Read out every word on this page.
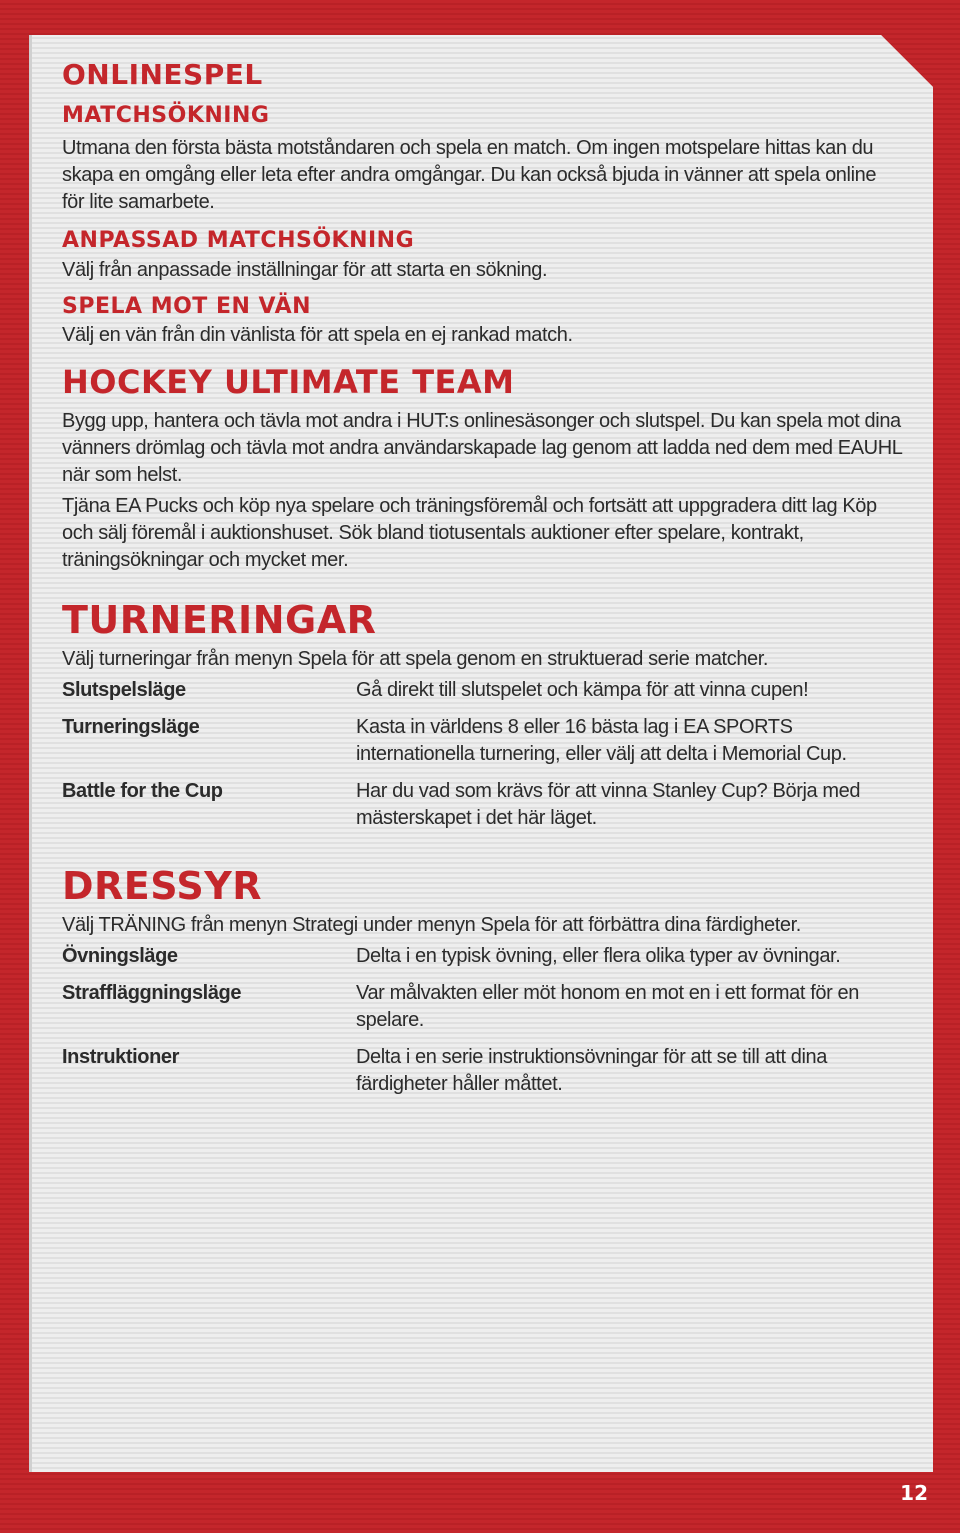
ONLINESPEL
MATCHSÖKNING

Utmana den första bästa motståndaren och spela en match. Om ingen motspelare hittas kan du skapa en omgång eller leta efter andra omgångar. Du kan också bjuda in vänner att spela online för lite samarbete.

ANPASSAD MATCHSÖKNING

Välj från anpassade inställningar för att starta en sökning.

SPELA MOT EN VÄN

Välj en vän från din vänlista för att spela en ej rankad match.

HOCKEY ULTIMATE TEAM

Bygg upp, hantera och tävla mot andra i HUT:s onlinesäsonger och slutspel. Du kan spela mot dina vänners drömlag och tävla mot andra användarskapade lag genom att ladda ned dem med EAUHL när som helst.

Tjäna EA Pucks och köp nya spelare och träningsföremål och fortsätt att uppgradera ditt lag Köp och sälj föremål i auktionshuset. Sök bland tiotusentals auktioner efter spelare, kontrakt, träningsökningar och mycket mer.

TURNERINGAR

Välj turneringar från menyn Spela för att spela genom en struktuerad serie matcher.

Slutspelsläge	Gå direkt till slutspelet och kämpa för att vinna cupen!
Turneringsläge	Kasta in världens 8 eller 16 bästa lag i EA SPORTS internationella turnering, eller välj att delta i Memorial Cup.
Battle for the Cup	Har du vad som krävs för att vinna Stanley Cup? Börja med mästerskapet i det här läget.
DRESSYR

Välj TRÄNING från menyn Strategi under menyn Spela för att förbättra dina färdigheter.

Övningsläge	Delta i en typisk övning, eller flera olika typer av övningar.
Straffläggningsläge	Var målvakten eller möt honom en mot en i ett format för en spelare.
Instruktioner	Delta i en serie instruktionsövningar för att se till att dina färdigheter håller måttet.
12
